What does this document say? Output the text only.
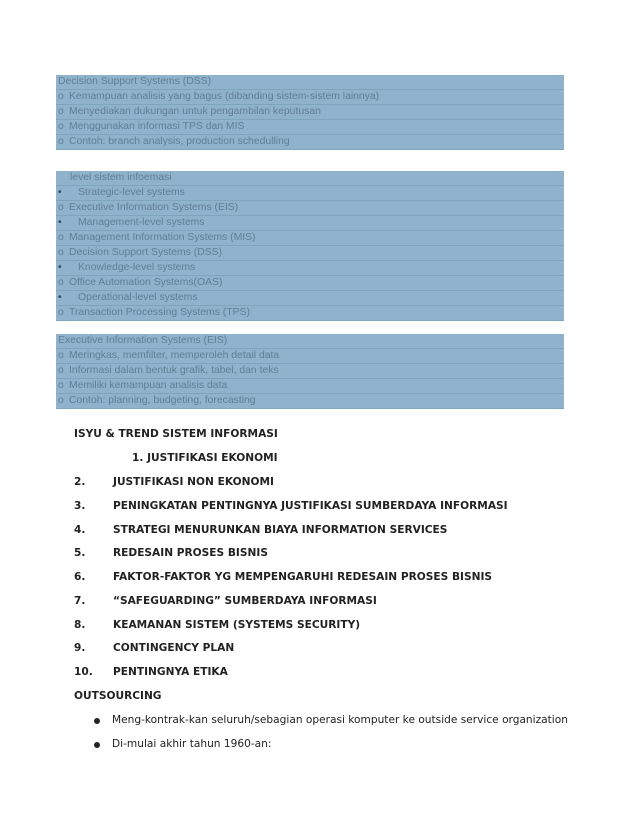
Decision Support Systems (DSS)
o Kemampuan analisis yang bagus (dibanding sistem-sistem lainnya)
o Menyediakan dukungan untuk pengambilan keputusan
o Menggunakan informasi TPS dan MIS
o Contoh: branch analysis, production schedulling
level sistem infoemasi
• Strategic-level systems
o Executive Information Systems (EIS)
• Management-level systems
o Management Information Systems (MIS)
o Decision Support Systems (DSS)
• Knowledge-level systems
o Office Automation Systems(OAS)
• Operational-level systems
o Transaction Processing Systems (TPS)
Executive Information Systems (EIS)
o Meringkas, memfilter, memperoleh detail data
o Informasi dalam bentuk grafik, tabel, dan teks
o Memiliki kemampuan analisis data
o Contoh: planning, budgeting, forecasting
ISYU & TREND SISTEM INFORMASI
1. JUSTIFIKASI EKONOMI
2.	JUSTIFIKASI NON EKONOMI
3.	PENINGKATAN PENTINGNYA JUSTIFIKASI SUMBERDAYA INFORMASI
4.	STRATEGI MENURUNKAN BIAYA INFORMATION SERVICES
5.	REDESAIN PROSES BISNIS
6.	FAKTOR-FAKTOR YG MEMPENGARUHI REDESAIN PROSES BISNIS
7.	“SAFEGUARDING” SUMBERDAYA INFORMASI
8.	KEAMANAN SISTEM (SYSTEMS SECURITY)
9.	CONTINGENCY PLAN
10. PENTINGNYA ETIKA
OUTSOURCING
Meng-kontrak-kan seluruh/sebagian operasi komputer ke outside service organization
Di-mulai akhir tahun 1960-an:
